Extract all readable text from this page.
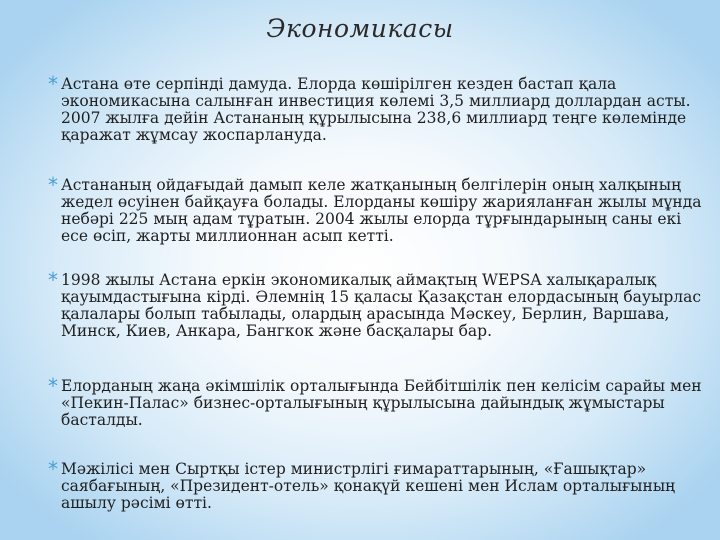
Экономикасы
* Астана өте серпінді дамуда. Елорда көшірілген кезден бастап қала экономикасына салынған инвестиция көлемі 3,5 миллиард доллардан асты. 2007 жылға дейін Астананың құрылысына 238,6 миллиард теңге көлемінде қаражат жұмсау жоспарлануда.
* Астананың ойдағыдай дамып келе жатқанының белгілерін оның халқының жедел өсуінен байқауға болады. Елорданы көшіру жарияланған жылы мұнда небәрі 225 мың адам тұратын. 2004 жылы елорда тұрғындарының саны екі есе өсіп, жарты миллионнан асып кетті.
* 1998 жылы Астана еркін экономикалық аймақтың WEPSA халықаралық қауымдастығына кірді. Әлемнің 15 қаласы Қазақстан елордасының бауырлас қалалары болып табылады, олардың арасында Мәскеу, Берлин, Варшава, Минск, Киев, Анкара, Бангкок және басқалары бар.
* Елорданың жаңа әкімшілік орталығында Бейбітшілік пен келісім сарайы мен «Пекин-Палас» бизнес-орталығының құрылысына дайындық жұмыстары басталды.
* Мәжілісі мен Сыртқы істер министрлігі ғимараттарының, «Ғашықтар» саябағының, «Президент-отель» қонақүй кешені мен Ислам орталығының ашылу рәсімі өтті.
